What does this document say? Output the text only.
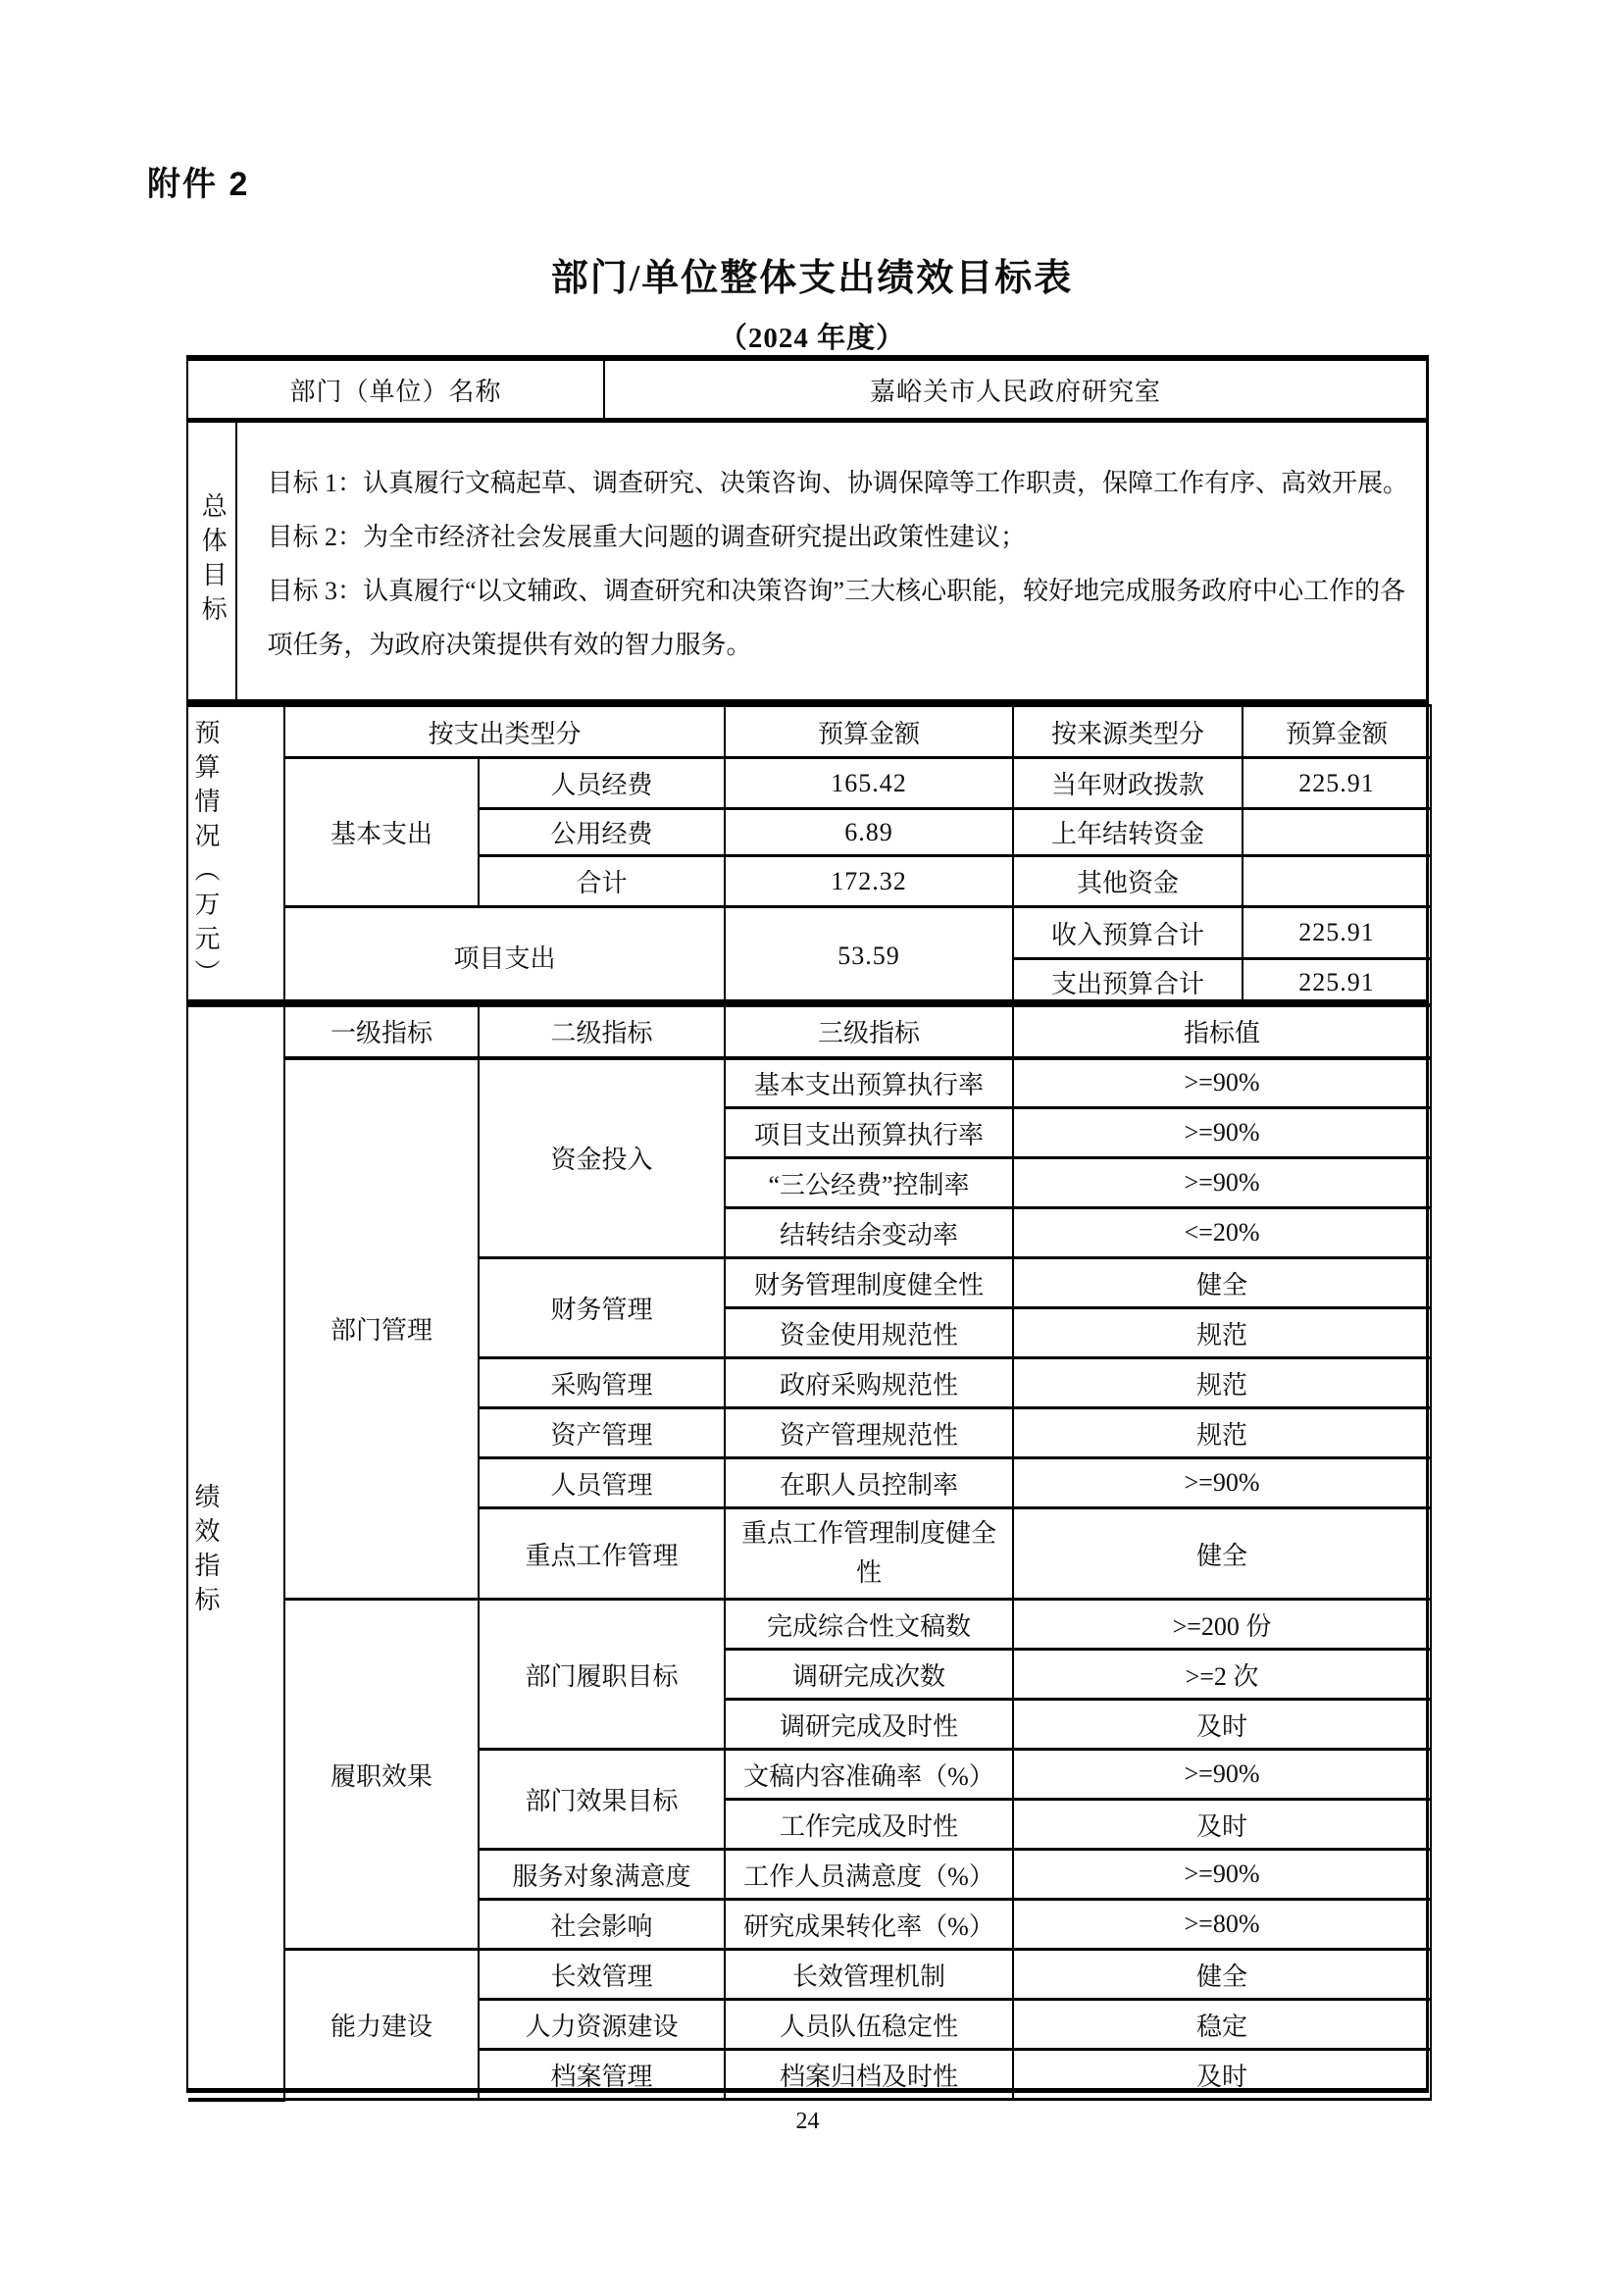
附件 2
部门/单位整体支出绩效目标表
（2024 年度）
部门（单位）名称	嘉峪关市人民政府研究室
总体目标
目标 1：认真履行文稿起草、调查研究、决策咨询、协调保障等工作职责，保障工作有序、高效开展。
目标 2：为全市经济社会发展重大问题的调查研究提出政策性建议；
目标 3：认真履行“以文辅政、调查研究和决策咨询”三大核心职能，较好地完成服务政府中心工作的各
项任务，为政府决策提供有效的智力服务。
预算情况（万元）	按支出类型分		预算金额	按来源类型分	预算金额
	基本支出	人员经费	165.42	当年财政拨款	225.91
		公用经费	6.89	上年结转资金	
		合计	172.32	其他资金	
	项目支出		53.59	收入预算合计	225.91
				支出预算合计	225.91
绩效指标	一级指标	二级指标	三级指标	指标值
	部门管理	资金投入	基本支出预算执行率	>=90%
			项目支出预算执行率	>=90%
			“三公经费”控制率	>=90%
			结转结余变动率	<=20%
		财务管理	财务管理制度健全性	健全
			资金使用规范性	规范
		采购管理	政府采购规范性	规范
		资产管理	资产管理规范性	规范
		人员管理	在职人员控制率	>=90%
		重点工作管理	重点工作管理制度健全性	健全
	履职效果	部门履职目标	完成综合性文稿数	>=200 份
			调研完成次数	>=2 次
			调研完成及时性	及时
		部门效果目标	文稿内容准确率（%）	>=90%
			工作完成及时性	及时
		服务对象满意度	工作人员满意度（%）	>=90%
		社会影响	研究成果转化率（%）	>=80%
	能力建设	长效管理	长效管理机制	健全
		人力资源建设	人员队伍稳定性	稳定
		档案管理	档案归档及时性	及时
24
